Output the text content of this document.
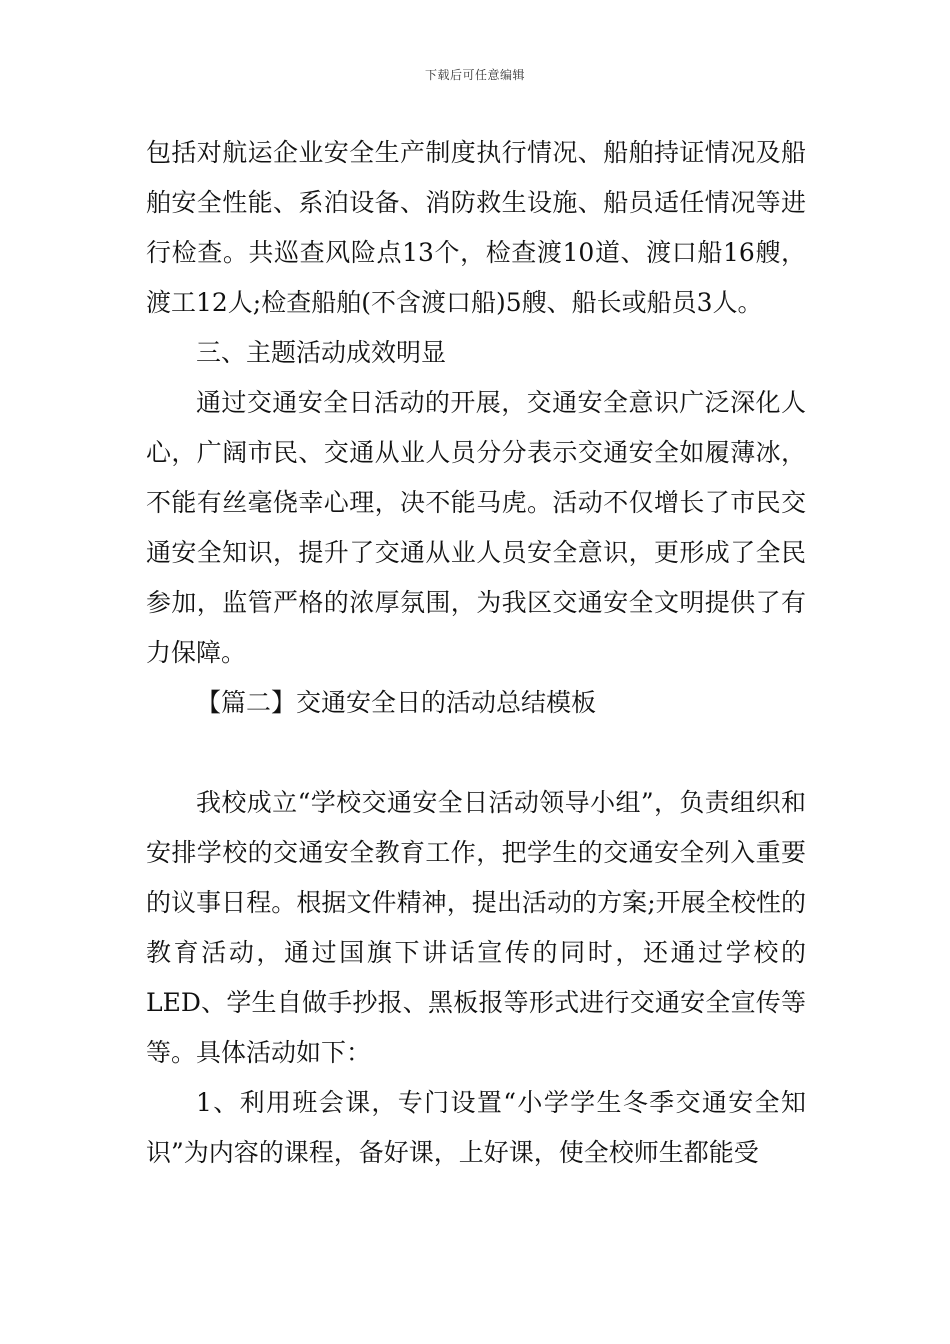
下载后可任意编辑

包括对航运企业安全生产制度执行情况、船舶持证情况及船舶安全性能、系泊设备、消防救生设施、船员适任情况等进行检查。共巡查风险点13个，检查渡10道、渡口船16艘，渡工12人;检查船舶(不含渡口船)5艘、船长或船员3人。

三、主题活动成效明显

通过交通安全日活动的开展，交通安全意识广泛深化人心，广阔市民、交通从业人员分分表示交通安全如履薄冰，不能有丝毫侥幸心理，决不能马虎。活动不仅增长了市民交通安全知识，提升了交通从业人员安全意识，更形成了全民参加，监管严格的浓厚氛围，为我区交通安全文明提供了有力保障。

【篇二】交通安全日的活动总结模板

我校成立“学校交通安全日活动领导小组”，负责组织和安排学校的交通安全教育工作，把学生的交通安全列入重要的议事日程。根据文件精神，提出活动的方案;开展全校性的教育活动，通过国旗下讲话宣传的同时，还通过学校的LED、学生自做手抄报、黑板报等形式进行交通安全宣传等等。具体活动如下：

1、利用班会课，专门设置“小学学生冬季交通安全知识”为内容的课程，备好课，上好课，使全校师生都能受
